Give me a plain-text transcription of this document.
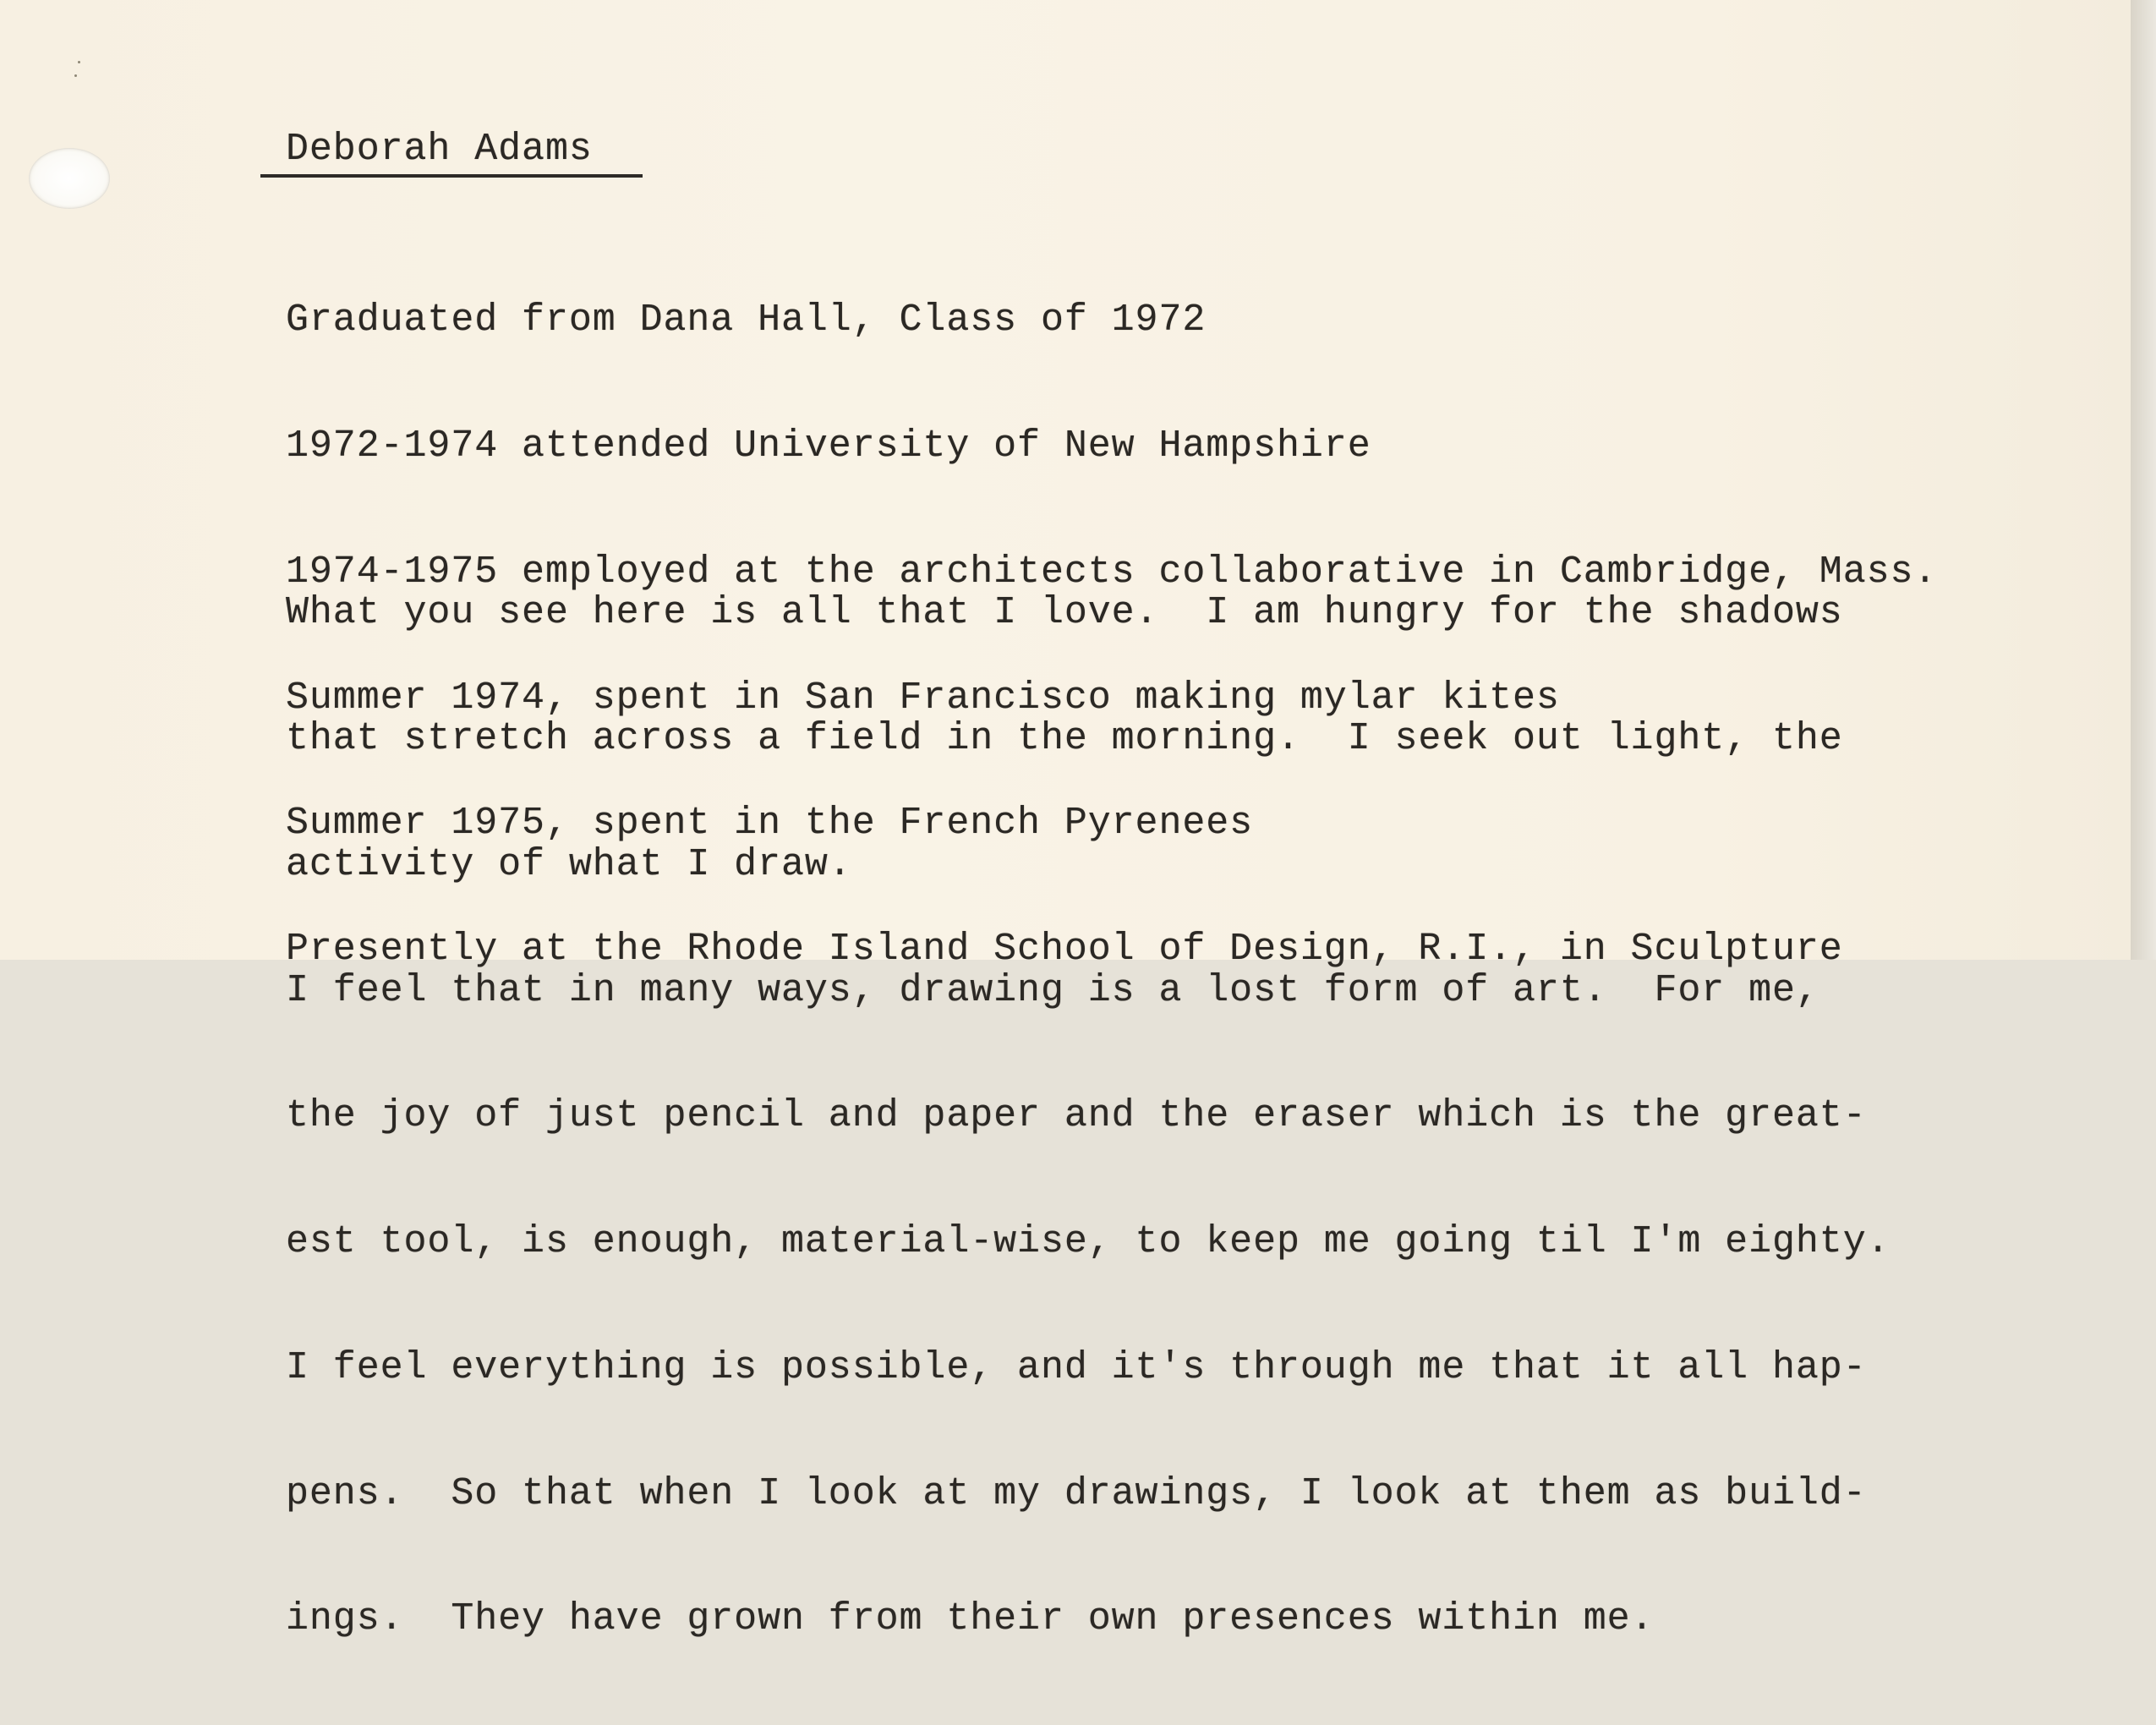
Deborah Adams

Graduated from Dana Hall, Class of 1972

1972-1974 attended University of New Hampshire

1974-1975 employed at the architects collaborative in Cambridge, Mass.

Summer 1974, spent in San Francisco making mylar kites

Summer 1975, spent in the French Pyrenees

Presently at the Rhode Island School of Design, R.I., in Sculpture

What you see here is all that I love.  I am hungry for the shadows

that stretch across a field in the morning.  I seek out light, the

activity of what I draw.

I feel that in many ways, drawing is a lost form of art.  For me,

the joy of just pencil and paper and the eraser which is the great-

est tool, is enough, material-wise, to keep me going til I'm eighty.

I feel everything is possible, and it's through me that it all hap-

pens.  So that when I look at my drawings, I look at them as build-

ings.  They have grown from their own presences within me.
